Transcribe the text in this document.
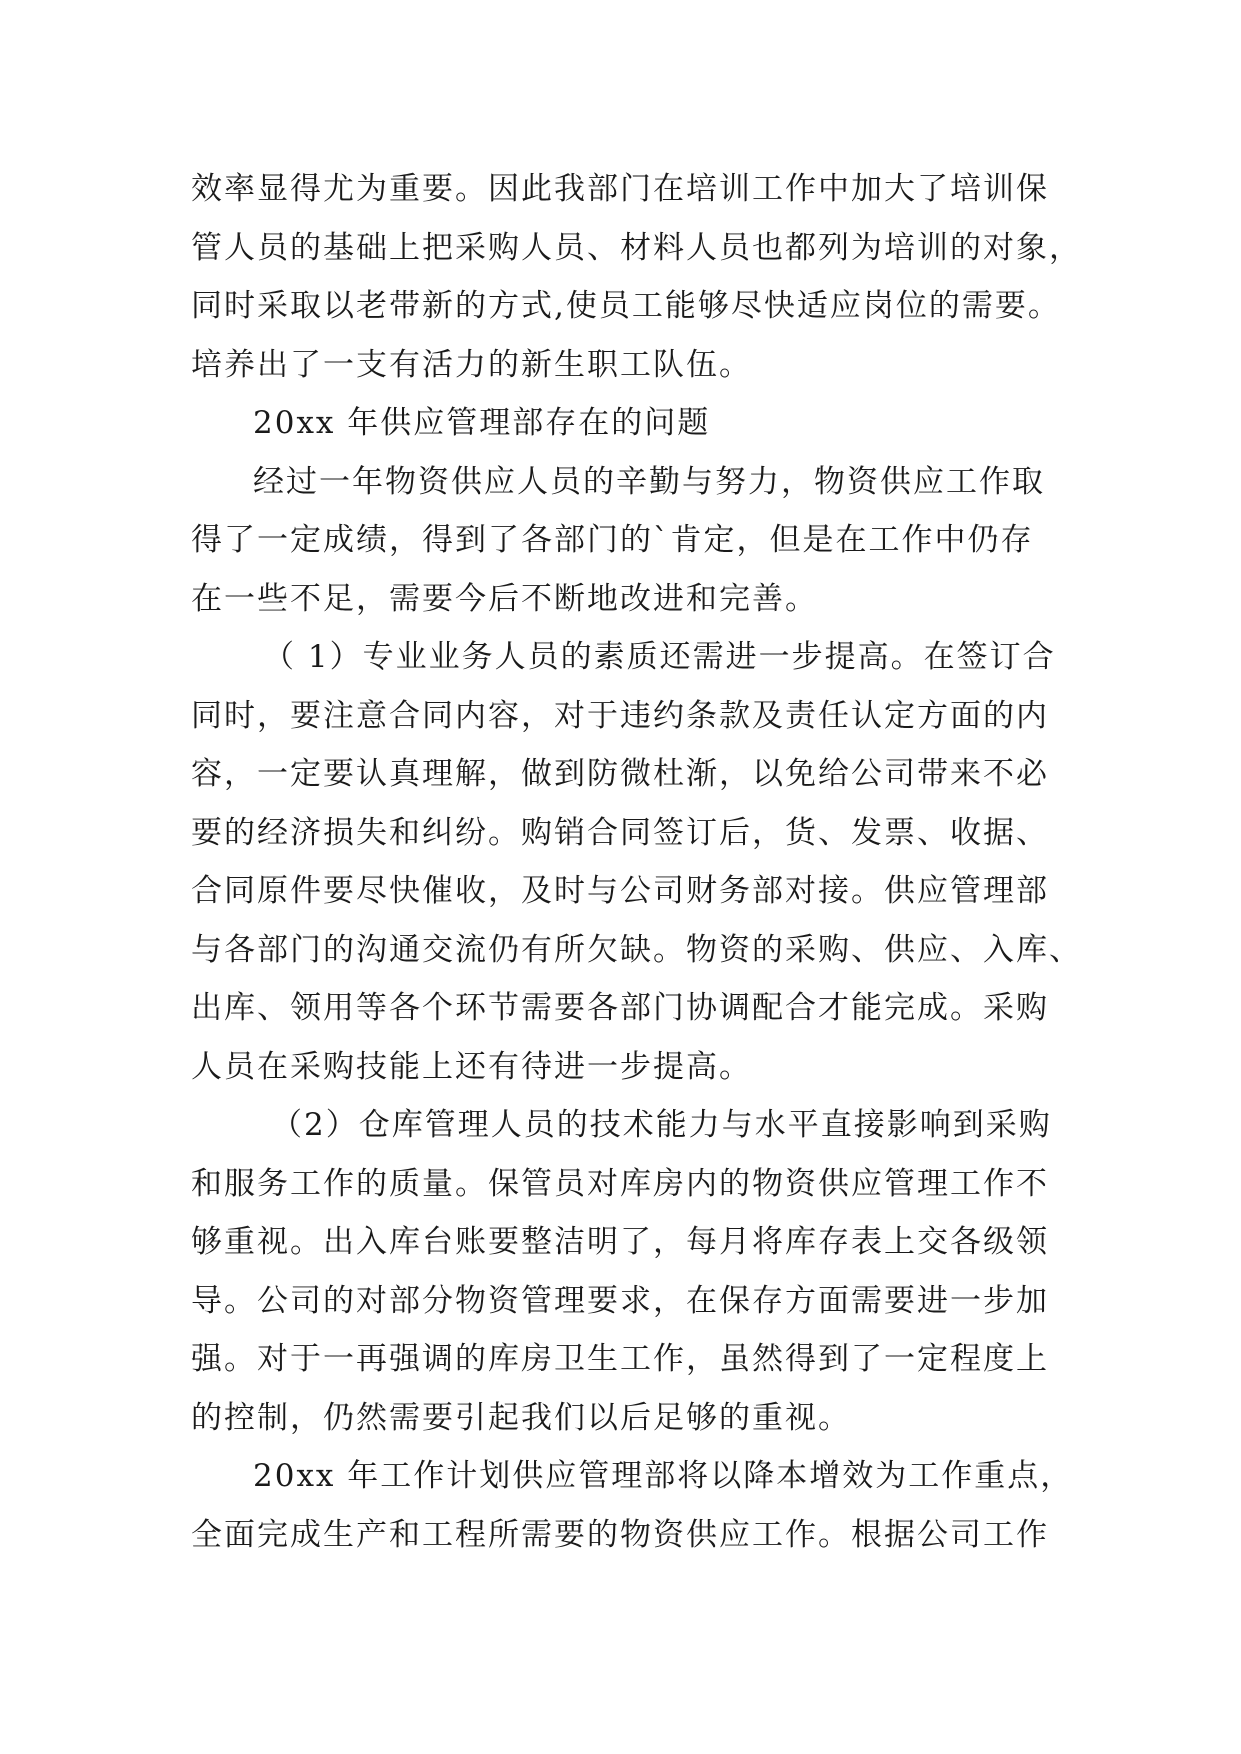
效率显得尤为重要。因此我部门在培训工作中加大了培训保
管人员的基础上把采购人员、材料人员也都列为培训的对象，
同时采取以老带新的方式,使员工能够尽快适应岗位的需要。
培养出了一支有活力的新生职工队伍。
20xx 年供应管理部存在的问题
经过一年物资供应人员的辛勤与努力，物资供应工作取
得了一定成绩，得到了各部门的`肯定，但是在工作中仍存
在一些不足，需要今后不断地改进和完善。
（ 1）专业业务人员的素质还需进一步提高。在签订合
同时，要注意合同内容，对于违约条款及责任认定方面的内
容，一定要认真理解，做到防微杜渐，以免给公司带来不必
要的经济损失和纠纷。购销合同签订后，货、发票、收据、
合同原件要尽快催收，及时与公司财务部对接。供应管理部
与各部门的沟通交流仍有所欠缺。物资的采购、供应、入库、
出库、领用等各个环节需要各部门协调配合才能完成。采购
人员在采购技能上还有待进一步提高。
（2）仓库管理人员的技术能力与水平直接影响到采购
和服务工作的质量。保管员对库房内的物资供应管理工作不
够重视。出入库台账要整洁明了，每月将库存表上交各级领
导。公司的对部分物资管理要求，在保存方面需要进一步加
强。对于一再强调的库房卫生工作，虽然得到了一定程度上
的控制，仍然需要引起我们以后足够的重视。
20xx 年工作计划供应管理部将以降本增效为工作重点，
全面完成生产和工程所需要的物资供应工作。根据公司工作
